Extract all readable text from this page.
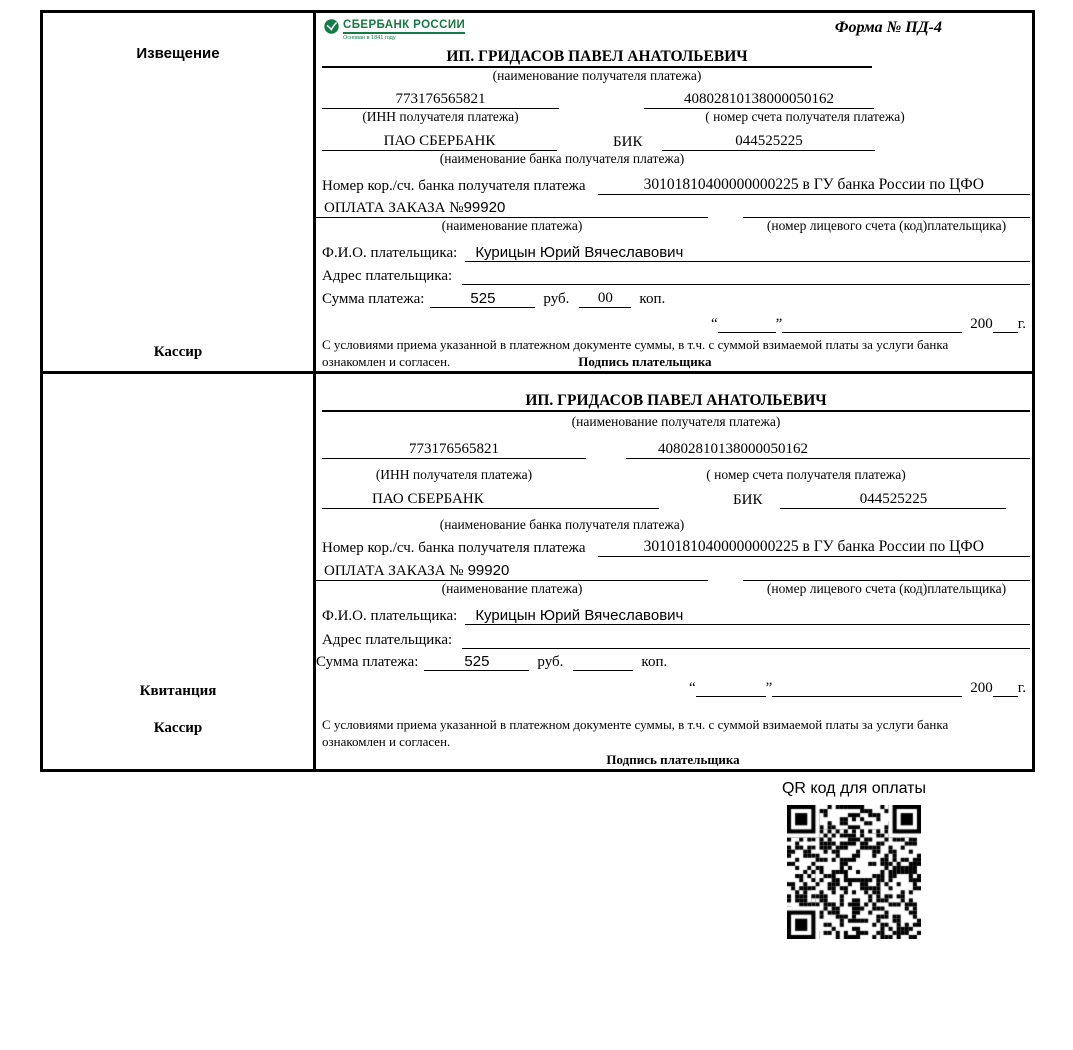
Извещение
Кассир
СБЕРБАНК РОССИИ
Основан в 1841 году
Форма № ПД-4
ИП. ГРИДАСОВ ПАВЕЛ АНАТОЛЬЕВИЧ
(наименование получателя платежа)
773176565821	40802810138000050162
(ИНН получателя платежа)	( номер счета получателя платежа)
ПАО СБЕРБАНК	БИК	044525225
(наименование банка получателя платежа)
Номер кор./сч. банка получателя платежа	30101810400000000225 в ГУ банка России по ЦФО
ОПЛАТА ЗАКАЗА №99920
(наименование платежа)	(номер лицевого счета (код)плательщика)
Ф.И.О. плательщика:	Курицын Юрий Вячеславович
Адрес плательщика:
Сумма платежа:	525	руб.	00	коп.
“	”	200 г.
С условиями приема указанной в платежном документе суммы, в т.ч. с суммой взимаемой платы за услуги банка
ознакомлен и согласен.	Подпись плательщика
Квитанция
Кассир
ИП. ГРИДАСОВ ПАВЕЛ АНАТОЛЬЕВИЧ
(наименование получателя платежа)
773176565821	40802810138000050162
(ИНН получателя платежа)	( номер счета получателя платежа)
ПАО СБЕРБАНК	БИК	044525225
(наименование банка получателя платежа)
Номер кор./сч. банка получателя платежа	30101810400000000225 в ГУ банка России по ЦФО
ОПЛАТА ЗАКАЗА № 99920
(наименование платежа)	(номер лицевого счета (код)плательщика)
Ф.И.О. плательщика:	Курицын Юрий Вячеславович
Адрес плательщика:
Сумма платежа:	525	руб.	коп.
“	”	200 г.
С условиями приема указанной в платежном документе суммы, в т.ч. с суммой взимаемой платы за услуги банка
ознакомлен и согласен.
Подпись плательщика
QR код для оплаты
